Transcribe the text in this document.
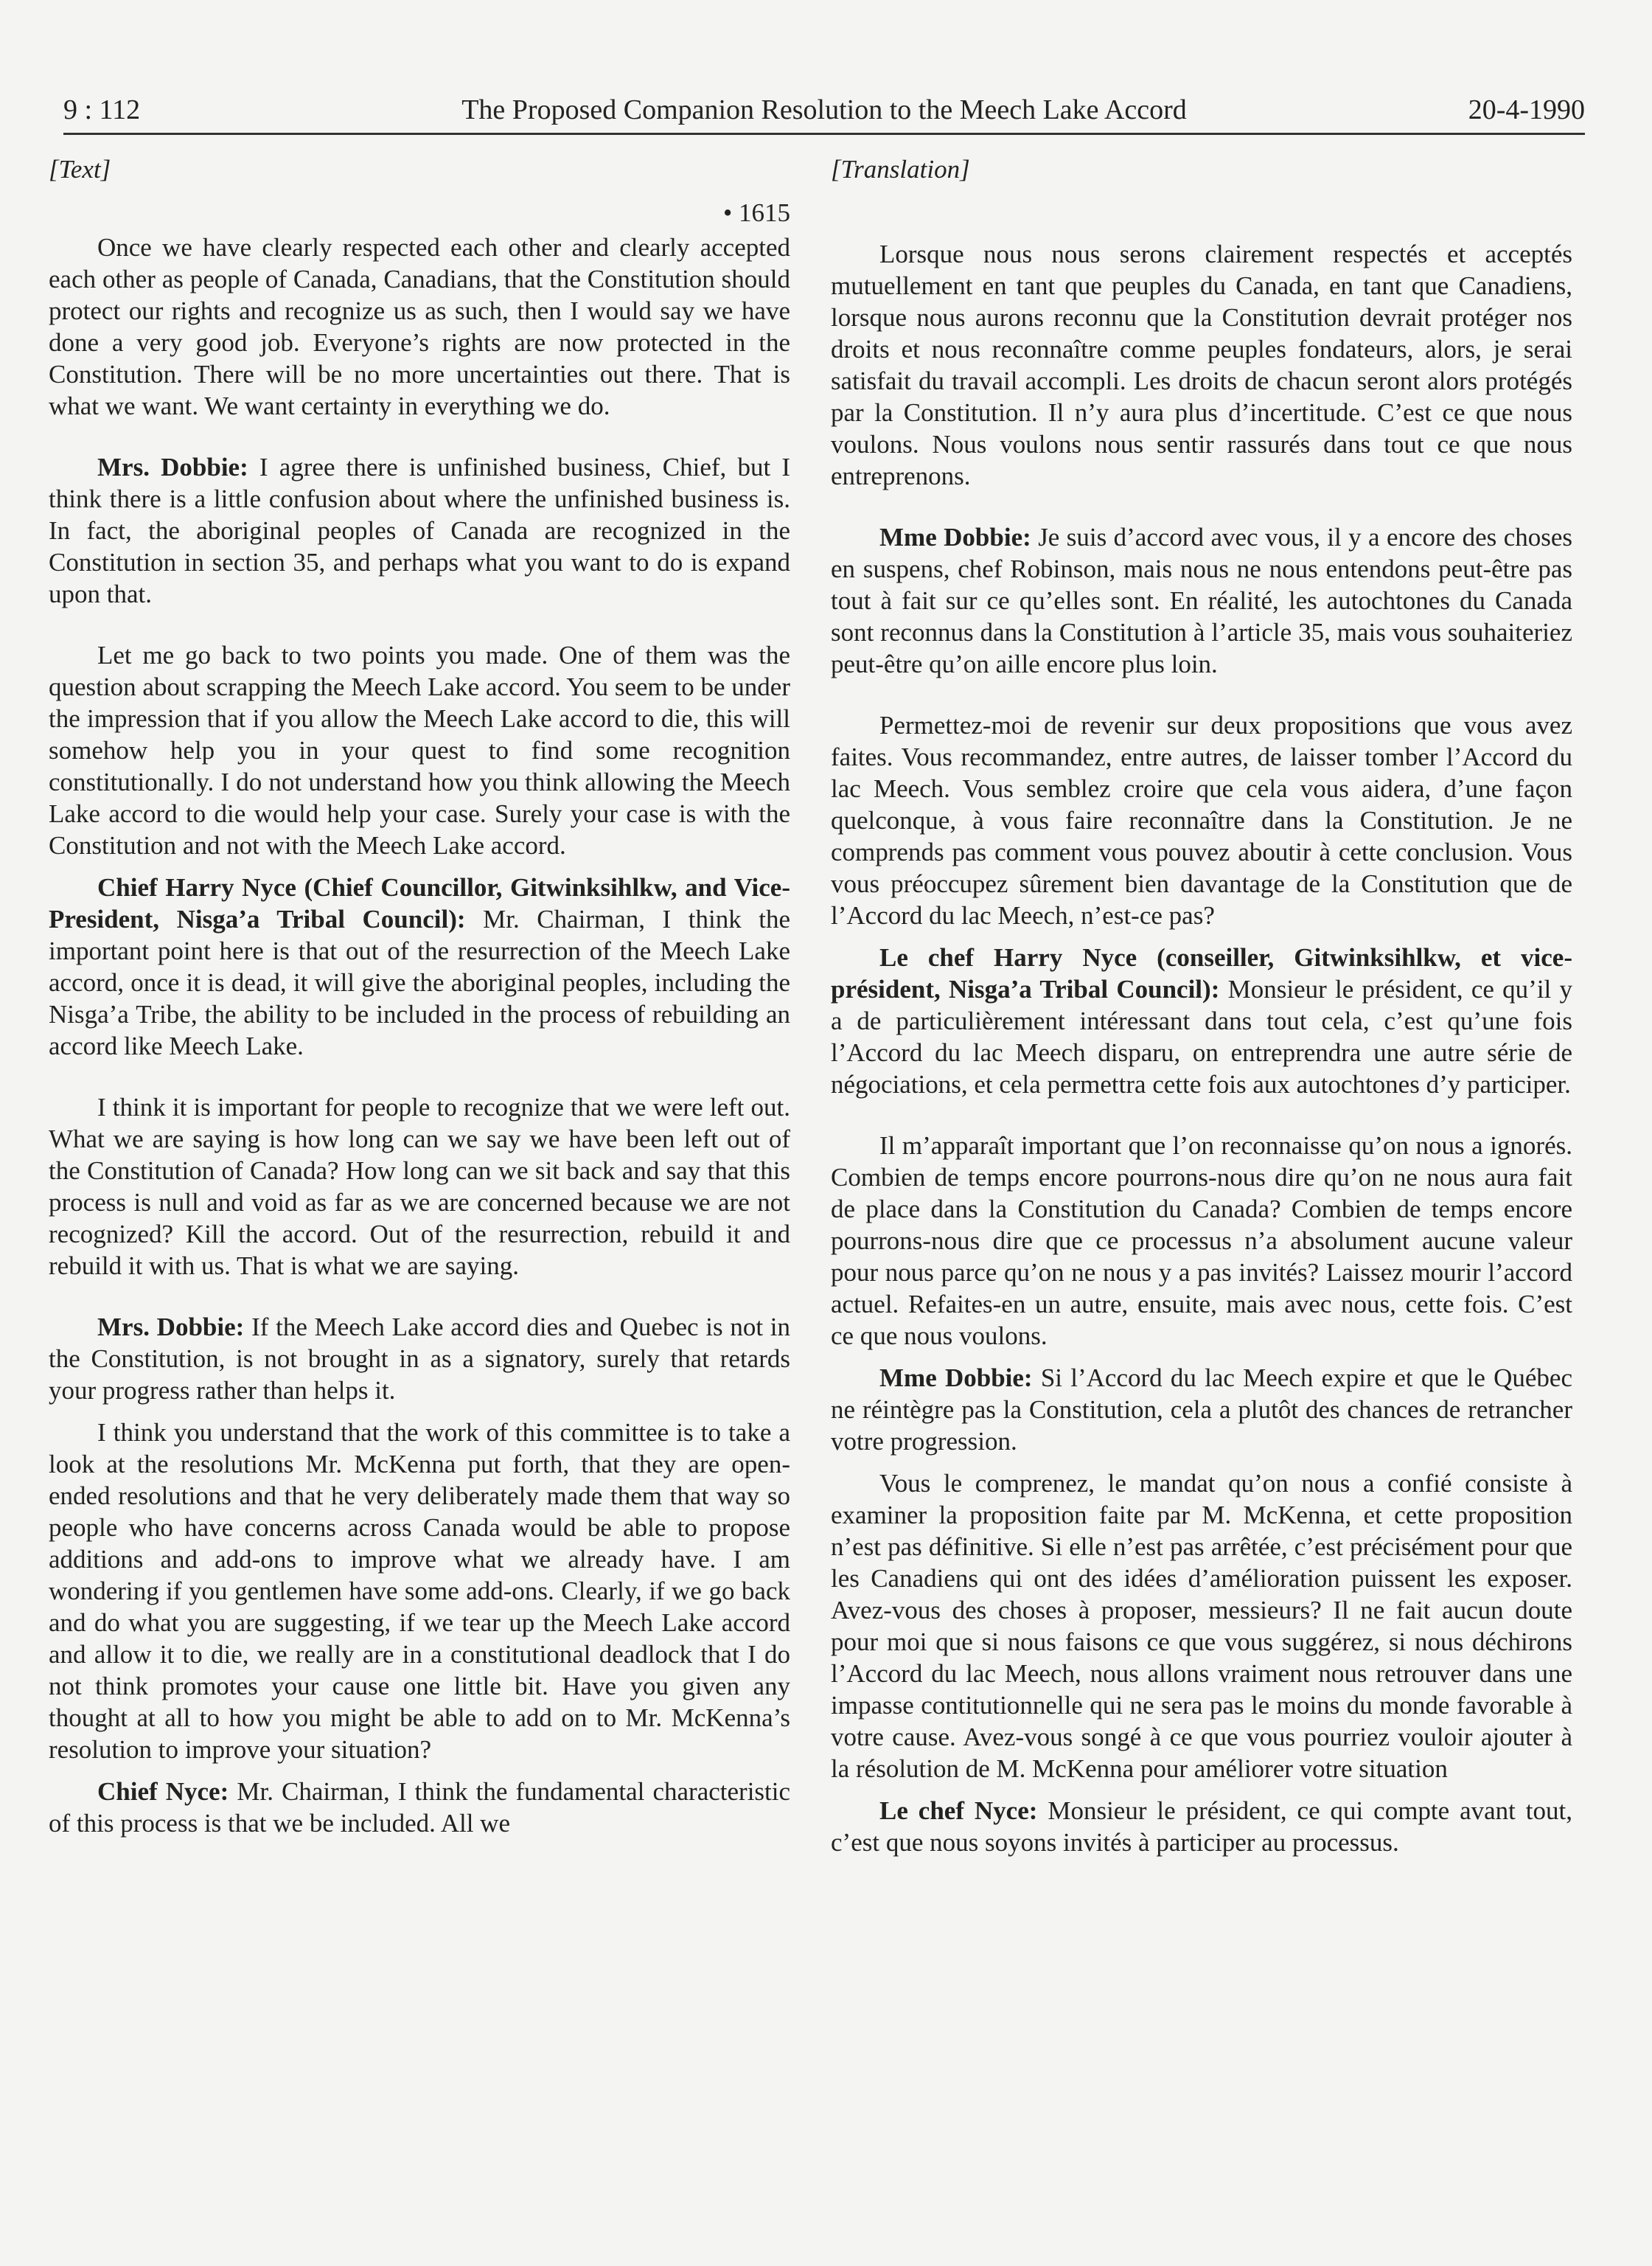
9 : 112	The Proposed Companion Resolution to the Meech Lake Accord	20-4-1990
[Text]
• 1615

Once we have clearly respected each other and clearly accepted each other as people of Canada, Canadians, that the Constitution should protect our rights and recognize us as such, then I would say we have done a very good job. Everyone’s rights are now protected in the Constitution. There will be no more uncertainties out there. That is what we want. We want certainty in everything we do.

Mrs. Dobbie: I agree there is unfinished business, Chief, but I think there is a little confusion about where the unfinished business is. In fact, the aboriginal peoples of Canada are recognized in the Constitution in section 35, and perhaps what you want to do is expand upon that.

Let me go back to two points you made. One of them was the question about scrapping the Meech Lake accord. You seem to be under the impression that if you allow the Meech Lake accord to die, this will somehow help you in your quest to find some recognition constitutionally. I do not understand how you think allowing the Meech Lake accord to die would help your case. Surely your case is with the Constitution and not with the Meech Lake accord.

Chief Harry Nyce (Chief Councillor, Gitwinksihlkw, and Vice-President, Nisga’a Tribal Council): Mr. Chairman, I think the important point here is that out of the resurrection of the Meech Lake accord, once it is dead, it will give the aboriginal peoples, including the Nisga’a Tribe, the ability to be included in the process of rebuilding an accord like Meech Lake.

I think it is important for people to recognize that we were left out. What we are saying is how long can we say we have been left out of the Constitution of Canada? How long can we sit back and say that this process is null and void as far as we are concerned because we are not recognized? Kill the accord. Out of the resurrection, rebuild it and rebuild it with us. That is what we are saying.

Mrs. Dobbie: If the Meech Lake accord dies and Quebec is not in the Constitution, is not brought in as a signatory, surely that retards your progress rather than helps it.

I think you understand that the work of this committee is to take a look at the resolutions Mr. McKenna put forth, that they are open-ended resolutions and that he very deliberately made them that way so people who have concerns across Canada would be able to propose additions and add-ons to improve what we already have. I am wondering if you gentlemen have some add-ons. Clearly, if we go back and do what you are suggesting, if we tear up the Meech Lake accord and allow it to die, we really are in a constitutional deadlock that I do not think promotes your cause one little bit. Have you given any thought at all to how you might be able to add on to Mr. McKenna’s resolution to improve your situation?

Chief Nyce: Mr. Chairman, I think the fundamental characteristic of this process is that we be included. All we

[Translation]

Lorsque nous nous serons clairement respectés et acceptés mutuellement en tant que peuples du Canada, en tant que Canadiens, lorsque nous aurons reconnu que la Constitution devrait protéger nos droits et nous reconnaître comme peuples fondateurs, alors, je serai satisfait du travail accompli. Les droits de chacun seront alors protégés par la Constitution. Il n’y aura plus d’incertitude. C’est ce que nous voulons. Nous voulons nous sentir rassurés dans tout ce que nous entreprenons.

Mme Dobbie: Je suis d’accord avec vous, il y a encore des choses en suspens, chef Robinson, mais nous ne nous entendons peut-être pas tout à fait sur ce qu’elles sont. En réalité, les autochtones du Canada sont reconnus dans la Constitution à l’article 35, mais vous souhaiteriez peut-être qu’on aille encore plus loin.

Permettez-moi de revenir sur deux propositions que vous avez faites. Vous recommandez, entre autres, de laisser tomber l’Accord du lac Meech. Vous semblez croire que cela vous aidera, d’une façon quelconque, à vous faire reconnaître dans la Constitution. Je ne comprends pas comment vous pouvez aboutir à cette conclusion. Vous vous préoccupez sûrement bien davantage de la Constitution que de l’Accord du lac Meech, n’est-ce pas?

Le chef Harry Nyce (conseiller, Gitwinksihlkw, et vice-président, Nisga’a Tribal Council): Monsieur le président, ce qu’il y a de particulièrement intéressant dans tout cela, c’est qu’une fois l’Accord du lac Meech disparu, on entreprendra une autre série de négociations, et cela permettra cette fois aux autochtones d’y participer.

Il m’apparaît important que l’on reconnaisse qu’on nous a ignorés. Combien de temps encore pourrons-nous dire qu’on ne nous aura fait de place dans la Constitution du Canada? Combien de temps encore pourrons-nous dire que ce processus n’a absolument aucune valeur pour nous parce qu’on ne nous y a pas invités? Laissez mourir l’accord actuel. Refaites-en un autre, ensuite, mais avec nous, cette fois. C’est ce que nous voulons.

Mme Dobbie: Si l’Accord du lac Meech expire et que le Québec ne réintègre pas la Constitution, cela a plutôt des chances de retrancher votre progression.

Vous le comprenez, le mandat qu’on nous a confié consiste à examiner la proposition faite par M. McKenna, et cette proposition n’est pas définitive. Si elle n’est pas arrêtée, c’est précisément pour que les Canadiens qui ont des idées d’amélioration puissent les exposer. Avez-vous des choses à proposer, messieurs? Il ne fait aucun doute pour moi que si nous faisons ce que vous suggérez, si nous déchirons l’Accord du lac Meech, nous allons vraiment nous retrouver dans une impasse contitutionnelle qui ne sera pas le moins du monde favorable à votre cause. Avez-vous songé à ce que vous pourriez vouloir ajouter à la résolution de M. McKenna pour améliorer votre situation

Le chef Nyce: Monsieur le président, ce qui compte avant tout, c’est que nous soyons invités à participer au processus.
